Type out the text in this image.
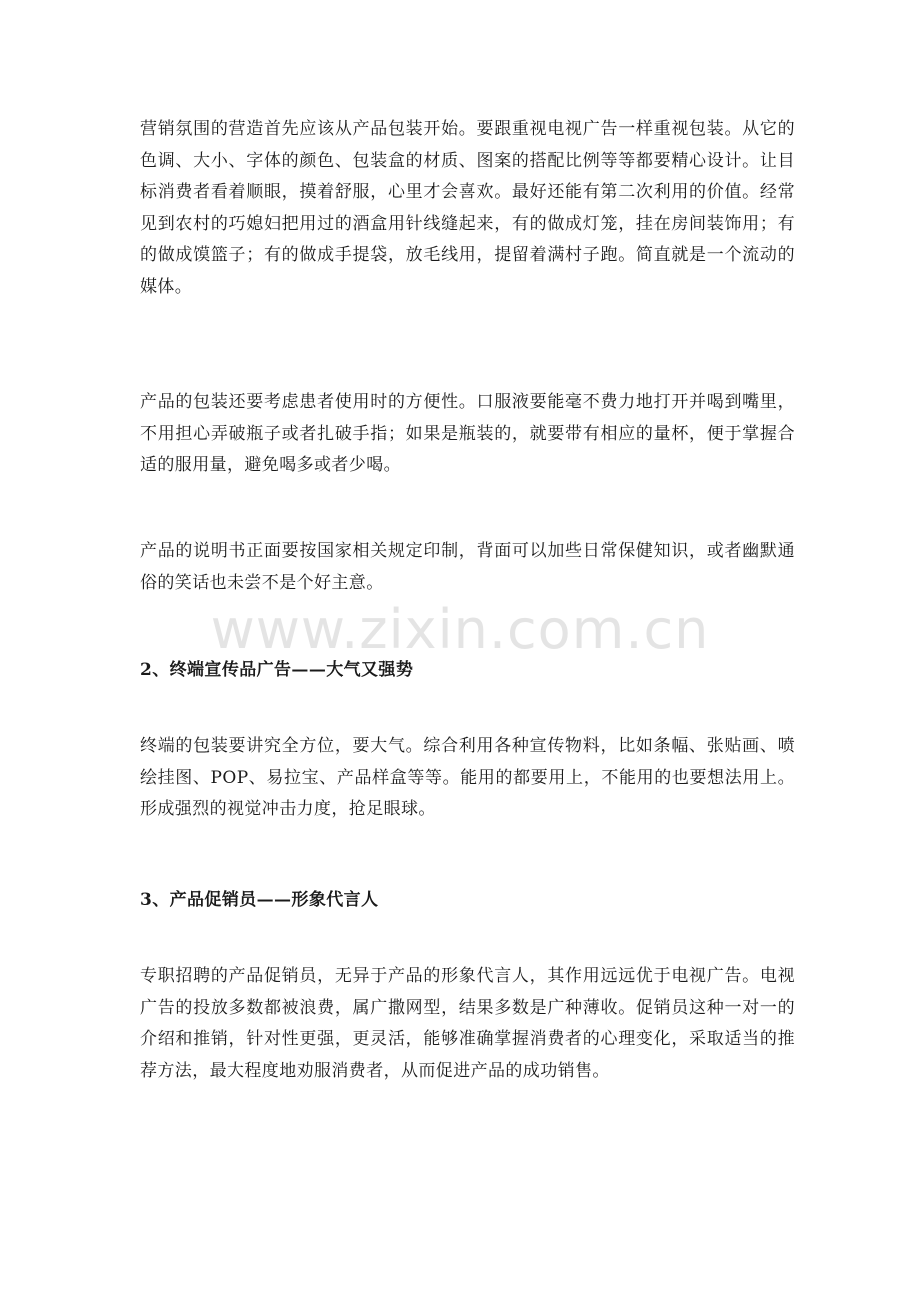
营销氛围的营造首先应该从产品包装开始。要跟重视电视广告一样重视包装。从它的色调、大小、字体的颜色、包装盒的材质、图案的搭配比例等等都要精心设计。让目标消费者看着顺眼，摸着舒服，心里才会喜欢。最好还能有第二次利用的价值。经常见到农村的巧媳妇把用过的酒盒用针线缝起来，有的做成灯笼，挂在房间装饰用；有的做成馍篮子；有的做成手提袋，放毛线用，提留着满村子跑。简直就是一个流动的媒体。

产品的包装还要考虑患者使用时的方便性。口服液要能毫不费力地打开并喝到嘴里，不用担心弄破瓶子或者扎破手指；如果是瓶装的，就要带有相应的量杯，便于掌握合适的服用量，避免喝多或者少喝。

产品的说明书正面要按国家相关规定印制，背面可以加些日常保健知识，或者幽默通俗的笑话也未尝不是个好主意。

www.zixin.com.cn
2、终端宣传品广告——大气又强势

终端的包装要讲究全方位，要大气。综合利用各种宣传物料，比如条幅、张贴画、喷绘挂图、POP、易拉宝、产品样盒等等。能用的都要用上，不能用的也要想法用上。形成强烈的视觉冲击力度，抢足眼球。

3、产品促销员——形象代言人

专职招聘的产品促销员，无异于产品的形象代言人，其作用远远优于电视广告。电视广告的投放多数都被浪费，属广撒网型，结果多数是广种薄收。促销员这种一对一的介绍和推销，针对性更强，更灵活，能够准确掌握消费者的心理变化，采取适当的推荐方法，最大程度地劝服消费者，从而促进产品的成功销售。
